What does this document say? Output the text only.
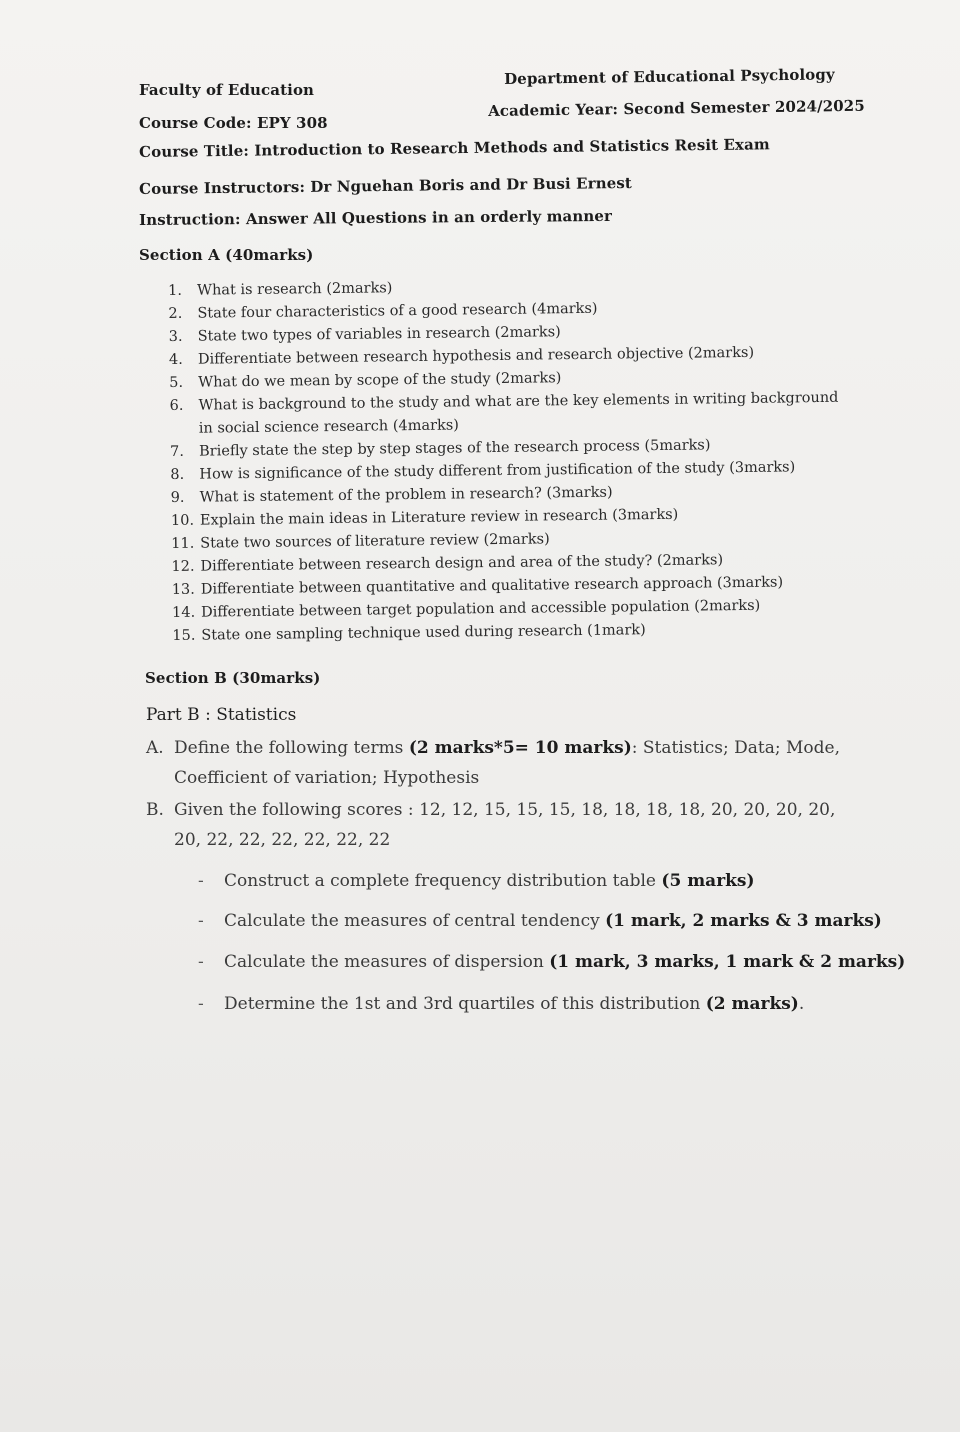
Faculty of Education
Department of Educational Psychology
Course Code: EPY 308
Academic Year: Second Semester 2024/2025
Course Title: Introduction to Research Methods and Statistics Resit Exam
Course Instructors: Dr Nguehan Boris and Dr Busi Ernest
Instruction: Answer All Questions in an orderly manner
Section A (40marks)
1. What is research (2marks)
2. State four characteristics of a good research (4marks)
3. State two types of variables in research (2marks)
4. Differentiate between research hypothesis and research objective (2marks)
5. What do we mean by scope of the study (2marks)
6. What is background to the study and what are the key elements in writing background in social science research (4marks)
7. Briefly state the step by step stages of the research process (5marks)
8. How is significance of the study different from justification of the study (3marks)
9. What is statement of the problem in research? (3marks)
10. Explain the main ideas in Literature review in research (3marks)
11. State two sources of literature review (2marks)
12. Differentiate between research design and area of the study? (2marks)
13. Differentiate between quantitative and qualitative research approach (3marks)
14. Differentiate between target population and accessible population (2marks)
15. State one sampling technique used during research (1mark)
Section B (30marks)
Part B : Statistics
A. Define the following terms (2 marks*5= 10 marks): Statistics; Data; Mode, Coefficient of variation; Hypothesis
B. Given the following scores : 12, 12, 15, 15, 15, 18, 18, 18, 18, 20, 20, 20, 20, 20, 22, 22, 22, 22, 22, 22
- Construct a complete frequency distribution table (5 marks)
- Calculate the measures of central tendency (1 mark, 2 marks & 3 marks)
- Calculate the measures of dispersion (1 mark, 3 marks, 1 mark & 2 marks)
- Determine the 1st and 3rd quartiles of this distribution (2 marks).
